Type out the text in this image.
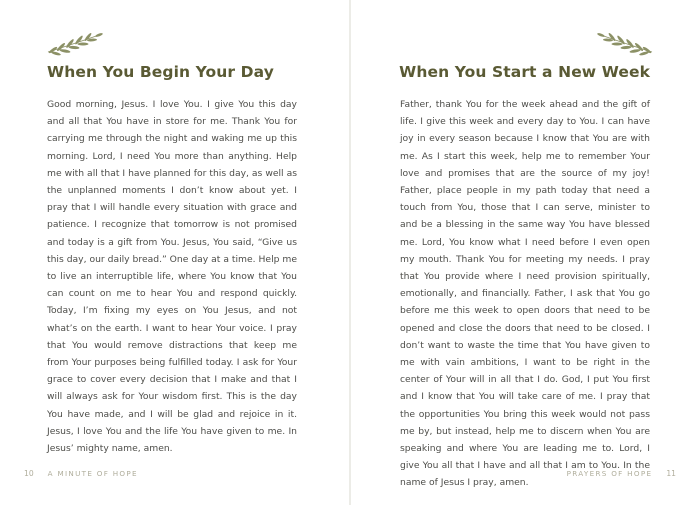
When You Begin Your Day

Good morning, Jesus. I love You. I give You this day and all that You have in store for me. Thank You for carrying me through the night and waking me up this morning. Lord, I need You more than anything. Help me with all that I have planned for this day, as well as the unplanned moments I don’t know about yet. I pray that I will handle every situation with grace and patience. I recognize that tomorrow is not promised and today is a gift from You. Jesus, You said, “Give us this day, our daily bread.” One day at a time. Help me to live an interruptible life, where You know that You can count on me to hear You and respond quickly. Today, I’m fixing my eyes on You Jesus, and not what’s on the earth. I want to hear Your voice. I pray that You would remove distractions that keep me from Your purposes being fulfilled today. I ask for Your grace to cover every decision that I make and that I will always ask for Your wisdom first. This is the day You have made, and I will be glad and rejoice in it. Jesus, I love You and the life You have given to me. In Jesus’ mighty name, amen.

10 A MINUTE OF HOPE
When You Start a New Week

Father, thank You for the week ahead and the gift of life. I give this week and every day to You. I can have joy in every season because I know that You are with me. As I start this week, help me to remember Your love and promises that are the source of my joy! Father, place people in my path today that need a touch from You, those that I can serve, minister to and be a blessing in the same way You have blessed me. Lord, You know what I need before I even open my mouth. Thank You for meeting my needs. I pray that You provide where I need provision spiritually, emotionally, and financially. Father, I ask that You go before me this week to open doors that need to be opened and close the doors that need to be closed. I don’t want to waste the time that You have given to me with vain ambitions, I want to be right in the center of Your will in all that I do. God, I put You first and I know that You will take care of me. I pray that the opportunities You bring this week would not pass me by, but instead, help me to discern when You are speaking and where You are leading me to. Lord, I give You all that I have and all that I am to You. In the name of Jesus I pray, amen.

PRAYERS OF HOPE 11
